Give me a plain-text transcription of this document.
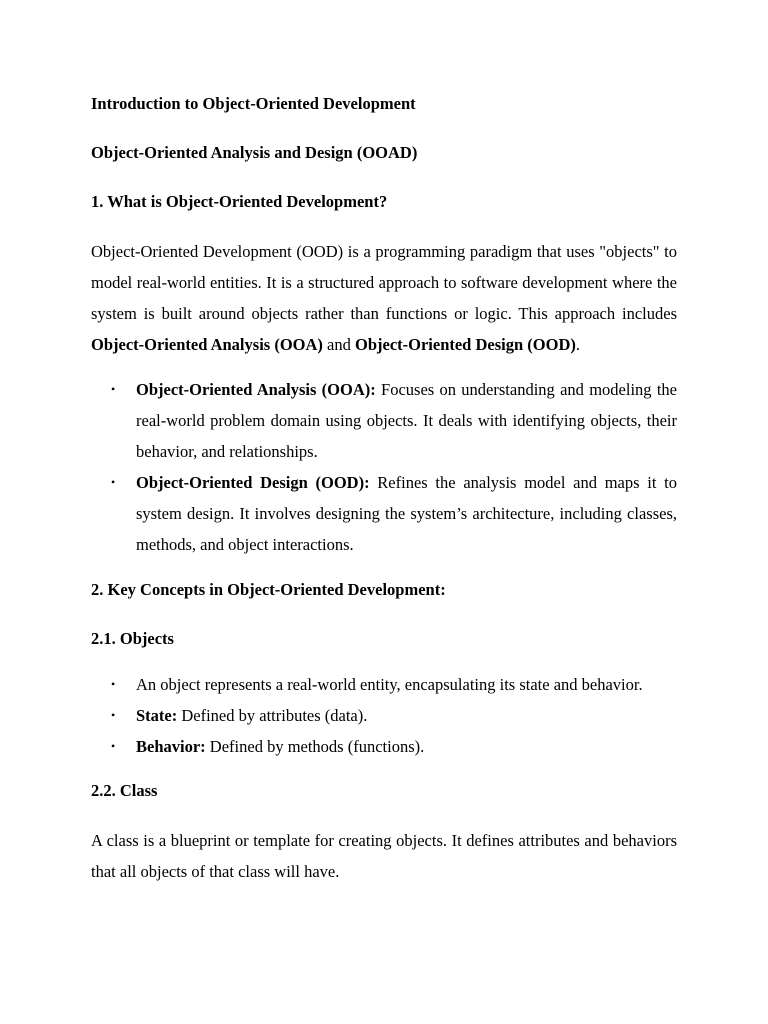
Introduction to Object-Oriented Development

Object-Oriented Analysis and Design (OOAD)

1. What is Object-Oriented Development?

Object-Oriented Development (OOD) is a programming paradigm that uses "objects" to model real-world entities. It is a structured approach to software development where the system is built around objects rather than functions or logic. This approach includes Object-Oriented Analysis (OOA) and Object-Oriented Design (OOD).

• Object-Oriented Analysis (OOA): Focuses on understanding and modeling the real-world problem domain using objects. It deals with identifying objects, their behavior, and relationships.
• Object-Oriented Design (OOD): Refines the analysis model and maps it to system design. It involves designing the system’s architecture, including classes, methods, and object interactions.

2. Key Concepts in Object-Oriented Development:

2.1. Objects

• An object represents a real-world entity, encapsulating its state and behavior.
• State: Defined by attributes (data).
• Behavior: Defined by methods (functions).

2.2. Class

A class is a blueprint or template for creating objects. It defines attributes and behaviors that all objects of that class will have.
